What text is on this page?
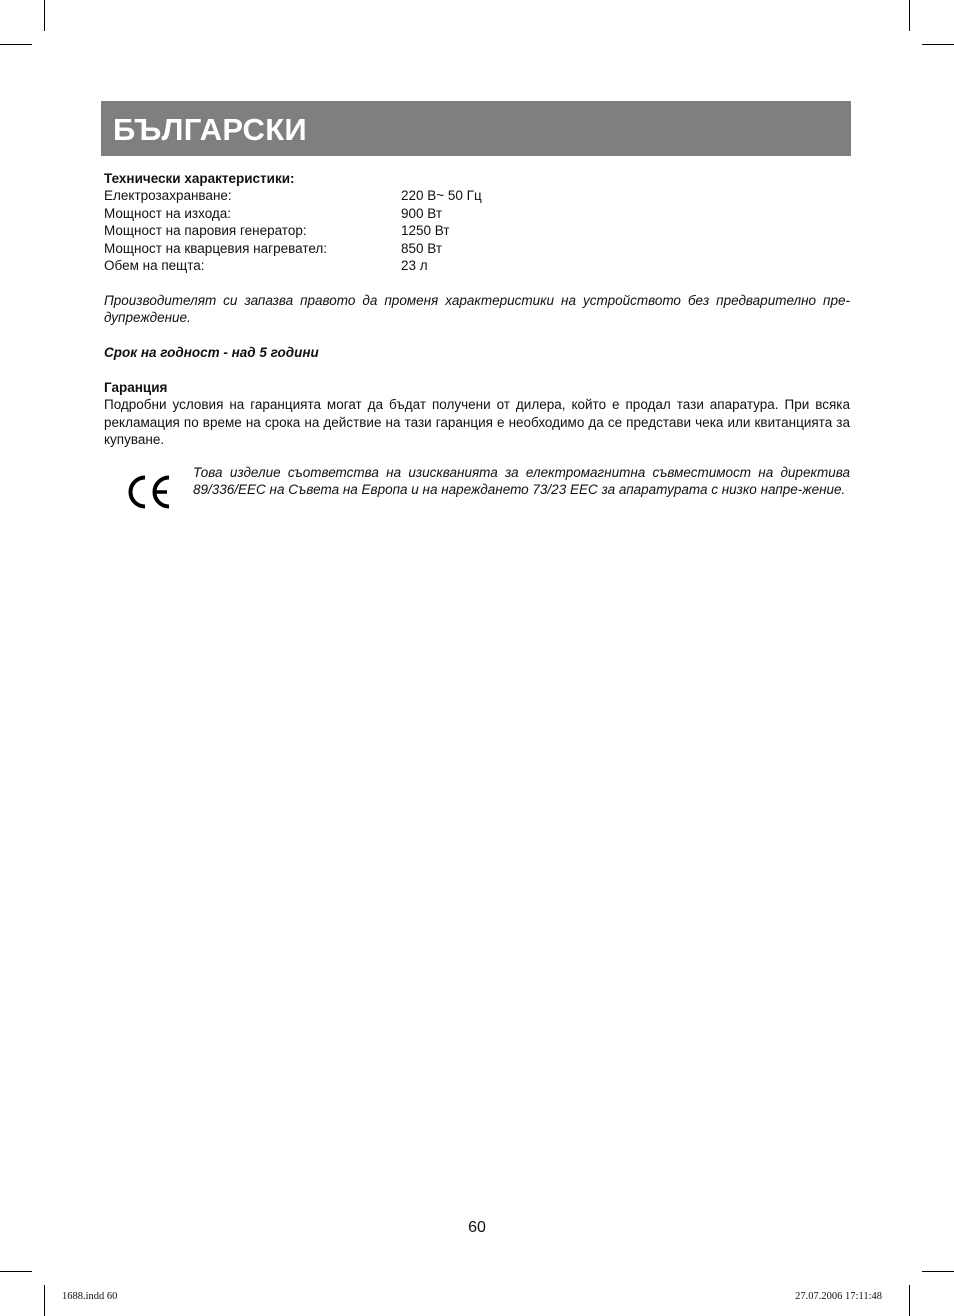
БЪЛГАРСКИ
Технически характеристики:
Електрозахранване:	220 В~ 50 Гц
Мощност на изхода:	900 Вт
Мощност на паровия генератор:	1250 Вт
Мощност на кварцевия нагревател:	850 Вт
Обем на пещта:	23 л
Производителят си запазва правото да променя характеристики на устройството без предварително пре-дупреждение.
Срок на годност - над 5 години
Гаранция
Подробни условия на гаранцията могат да бъдат получени от дилера, който е продал тази апаратура. При всяка рекламация по време на срока на действие на тази гаранция е необходимо да се представи чека или квитанцията за купуване.
Това изделие съответства на изискванията за електромагнитна съвместимост на директива 89/336/EEC на Съвета на Европа и на нареждането 73/23 EEC за апаратурата с низко напре-жение.
60
1688.indd 60	27.07.2006 17:11:48
